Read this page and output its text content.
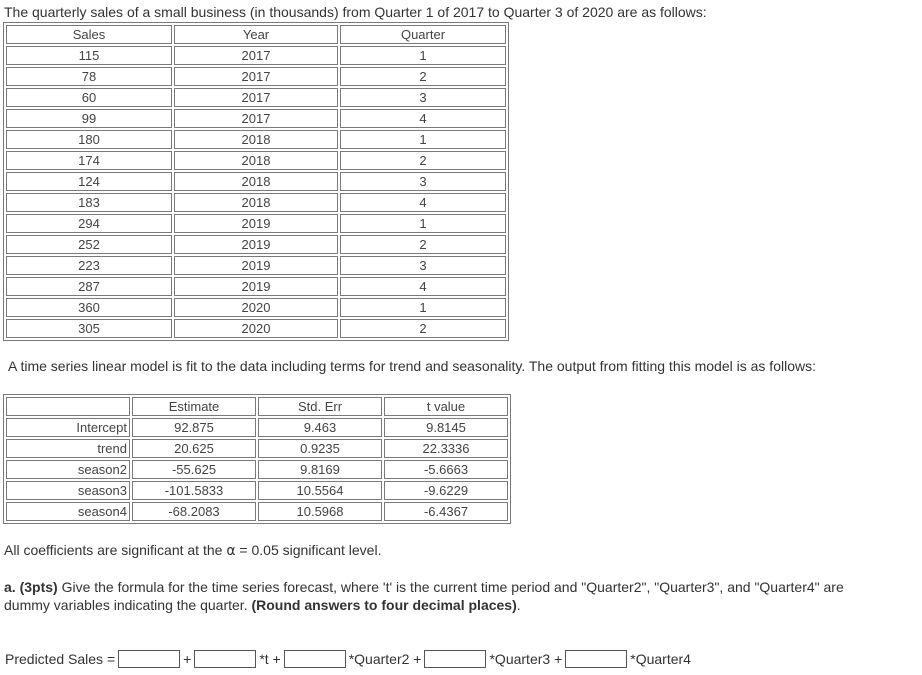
The quarterly sales of a small business (in thousands) from Quarter 1 of 2017 to Quarter 3 of 2020 are as follows:

Sales	Year	Quarter
115	2017	1
78	2017	2
60	2017	3
99	2017	4
180	2018	1
174	2018	2
124	2018	3
183	2018	4
294	2019	1
252	2019	2
223	2019	3
287	2019	4
360	2020	1
305	2020	2

A time series linear model is fit to the data including terms for trend and seasonality. The output from fitting this model is as follows:

	Estimate	Std. Err	t value
Intercept	92.875	9.463	9.8145
trend	20.625	0.9235	22.3336
season2	-55.625	9.8169	-5.6663
season3	-101.5833	10.5564	-9.6229
season4	-68.2083	10.5968	-6.4367

All coefficients are significant at the α = 0.05 significant level.

a. (3pts) Give the formula for the time series forecast, where 't' is the current time period and "Quarter2", "Quarter3", and "Quarter4" are dummy variables indicating the quarter. (Round answers to four decimal places).

Predicted Sales =	+	*t +	*Quarter2 +	*Quarter3 +	*Quarter4
